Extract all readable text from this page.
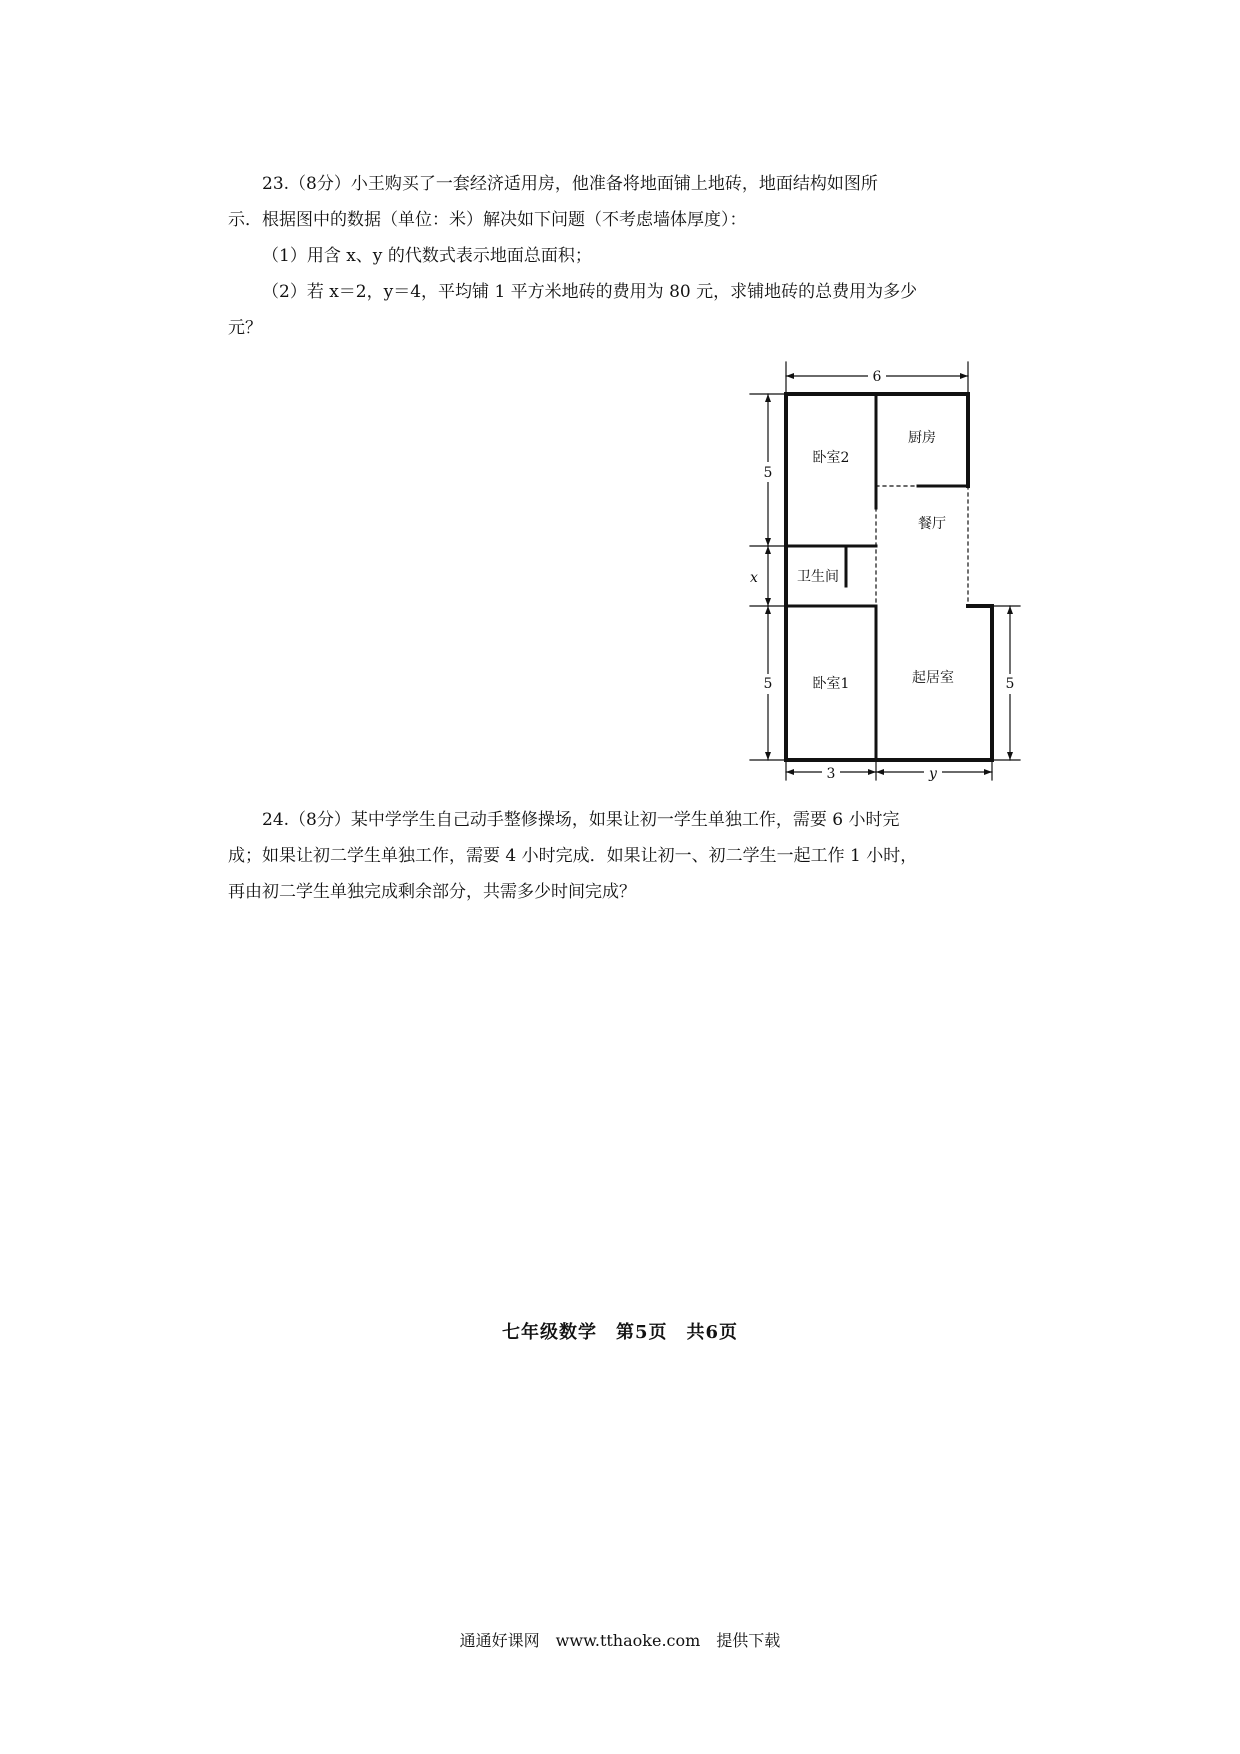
23.（8分）小王购买了一套经济适用房，他准备将地面铺上地砖，地面结构如图所

示．根据图中的数据（单位：米）解决如下问题（不考虑墙体厚度）：

（1）用含 x、y 的代数式表示地面总面积；

（2）若 x＝2，y＝4，平均铺 1 平方米地砖的费用为 80 元，求铺地砖的总费用为多少

元？

卧室2
厨房
餐厅
卫生间
卧室1	起居室
6
5
x
5	5
3	y

24.（8分）某中学学生自己动手整修操场，如果让初一学生单独工作，需要 6 小时完

成；如果让初二学生单独工作，需要 4 小时完成．如果让初一、初二学生一起工作 1 小时，

再由初二学生单独完成剩余部分，共需多少时间完成？

七年级数学　第5页　共6页
通通好课网　www.tthaoke.com　提供下载
